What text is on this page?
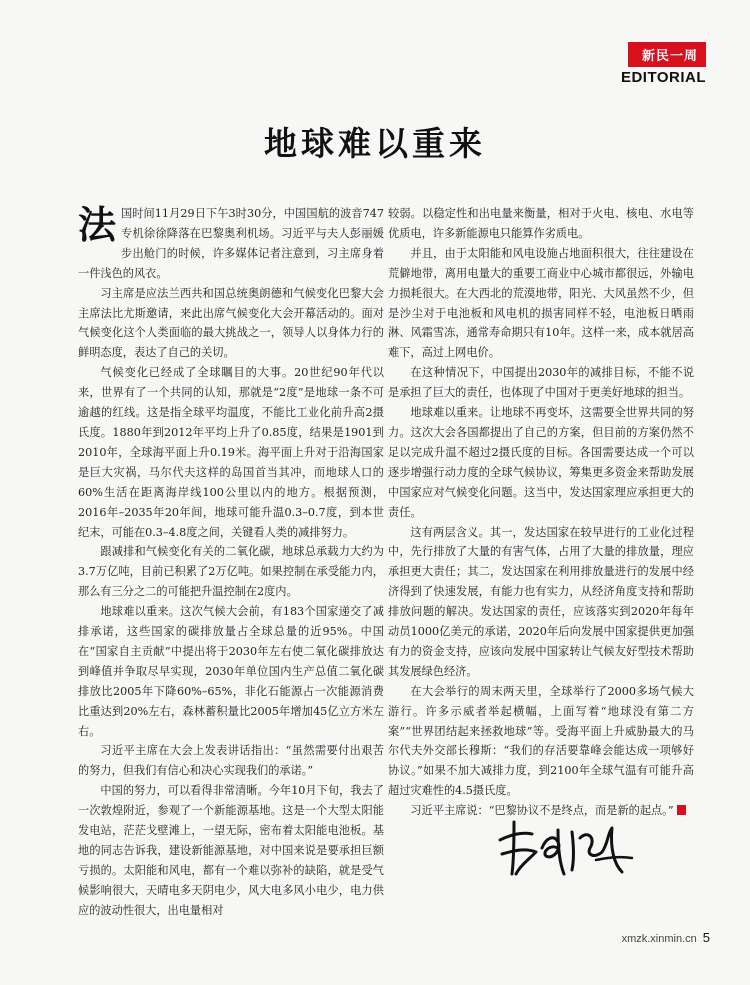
新民一周
EDITORIAL
地球难以重来

法国时间11月29日下午3时30分，中国国航的波音747专机徐徐降落在巴黎奥利机场。习近平与夫人彭丽媛步出舱门的时候，许多媒体记者注意到，习主席身着一件浅色的风衣。

习主席是应法兰西共和国总统奥朗德和气候变化巴黎大会主席法比尤斯邀请，来此出席气候变化大会开幕活动的。面对气候变化这个人类面临的最大挑战之一，领导人以身体力行的鲜明态度，表达了自己的关切。

气候变化已经成了全球瞩目的大事。20世纪90年代以来，世界有了一个共同的认知，那就是“2度”是地球一条不可逾越的红线。这是指全球平均温度，不能比工业化前升高2摄氏度。1880年到2012年平均上升了0.85度，结果是1901到2010年，全球海平面上升0.19米。海平面上升对于沿海国家是巨大灾祸，马尔代夫这样的岛国首当其冲，而地球人口的60%生活在距离海岸线100公里以内的地方。根据预测，2016年–2035年20年间，地球可能升温0.3–0.7度，到本世纪末，可能在0.3–4.8度之间，关键看人类的减排努力。

跟减排和气候变化有关的二氧化碳，地球总承载力大约为3.7万亿吨，目前已积累了2万亿吨。如果控制在承受能力内，那么有三分之二的可能把升温控制在2度内。

地球难以重来。这次气候大会前，有183个国家递交了减排承诺，这些国家的碳排放量占全球总量的近95%。中国在“国家自主贡献”中提出将于2030年左右使二氧化碳排放达到峰值并争取尽早实现，2030年单位国内生产总值二氧化碳排放比2005年下降60%–65%，非化石能源占一次能源消费比重达到20%左右，森林蓄积量比2005年增加45亿立方米左右。

习近平主席在大会上发表讲话指出：“虽然需要付出艰苦的努力，但我们有信心和决心实现我们的承诺。”

中国的努力，可以看得非常清晰。今年10月下旬，我去了一次敦煌附近，参观了一个新能源基地。这是一个大型太阳能发电站，茫茫戈壁滩上，一望无际，密布着太阳能电池板。基地的同志告诉我，建设新能源基地，对中国来说是要承担巨额亏损的。太阳能和风电，都有一个难以弥补的缺陷，就是受气候影响很大，天晴电多天阴电少，风大电多风小电少，电力供应的波动性很大，出电量相对

较弱。以稳定性和出电量来衡量，相对于火电、核电、水电等优质电，许多新能源电只能算作劣质电。

并且，由于太阳能和风电设施占地面积很大，往往建设在荒僻地带，离用电量大的重要工商业中心城市都很远，外输电力损耗很大。在大西北的荒漠地带，阳光、大风虽然不少，但是沙尘对于电池板和风电机的损害同样不轻，电池板日晒雨淋、风霜雪冻，通常寿命期只有10年。这样一来，成本就居高难下，高过上网电价。

在这种情况下，中国提出2030年的减排目标，不能不说是承担了巨大的责任，也体现了中国对于更美好地球的担当。

地球难以重来。让地球不再变坏，这需要全世界共同的努力。这次大会各国都提出了自己的方案，但目前的方案仍然不足以完成升温不超过2摄氏度的目标。各国需要达成一个可以逐步增强行动力度的全球气候协议，筹集更多资金来帮助发展中国家应对气候变化问题。这当中，发达国家理应承担更大的责任。

这有两层含义。其一，发达国家在较早进行的工业化过程中，先行排放了大量的有害气体，占用了大量的排放量，理应承担更大责任；其二，发达国家在利用排放量进行的发展中经济得到了快速发展，有能力也有实力，从经济角度支持和帮助排放问题的解决。发达国家的责任，应该落实到2020年每年动员1000亿美元的承诺，2020年后向发展中国家提供更加强有力的资金支持，应该向发展中国家转让气候友好型技术帮助其发展绿色经济。

在大会举行的周末两天里，全球举行了2000多场气候大游行。许多示威者举起横幅，上面写着“地球没有第二方案”“世界团结起来拯救地球”等。受海平面上升威胁最大的马尔代夫外交部长穆斯：“我们的存活要靠峰会能达成一项够好协议。”如果不加大减排力度，到2100年全球气温有可能升高超过灾难性的4.5摄氏度。

习近平主席说：“巴黎协议不是终点，而是新的起点。”

xmzk.xinmin.cn 5
